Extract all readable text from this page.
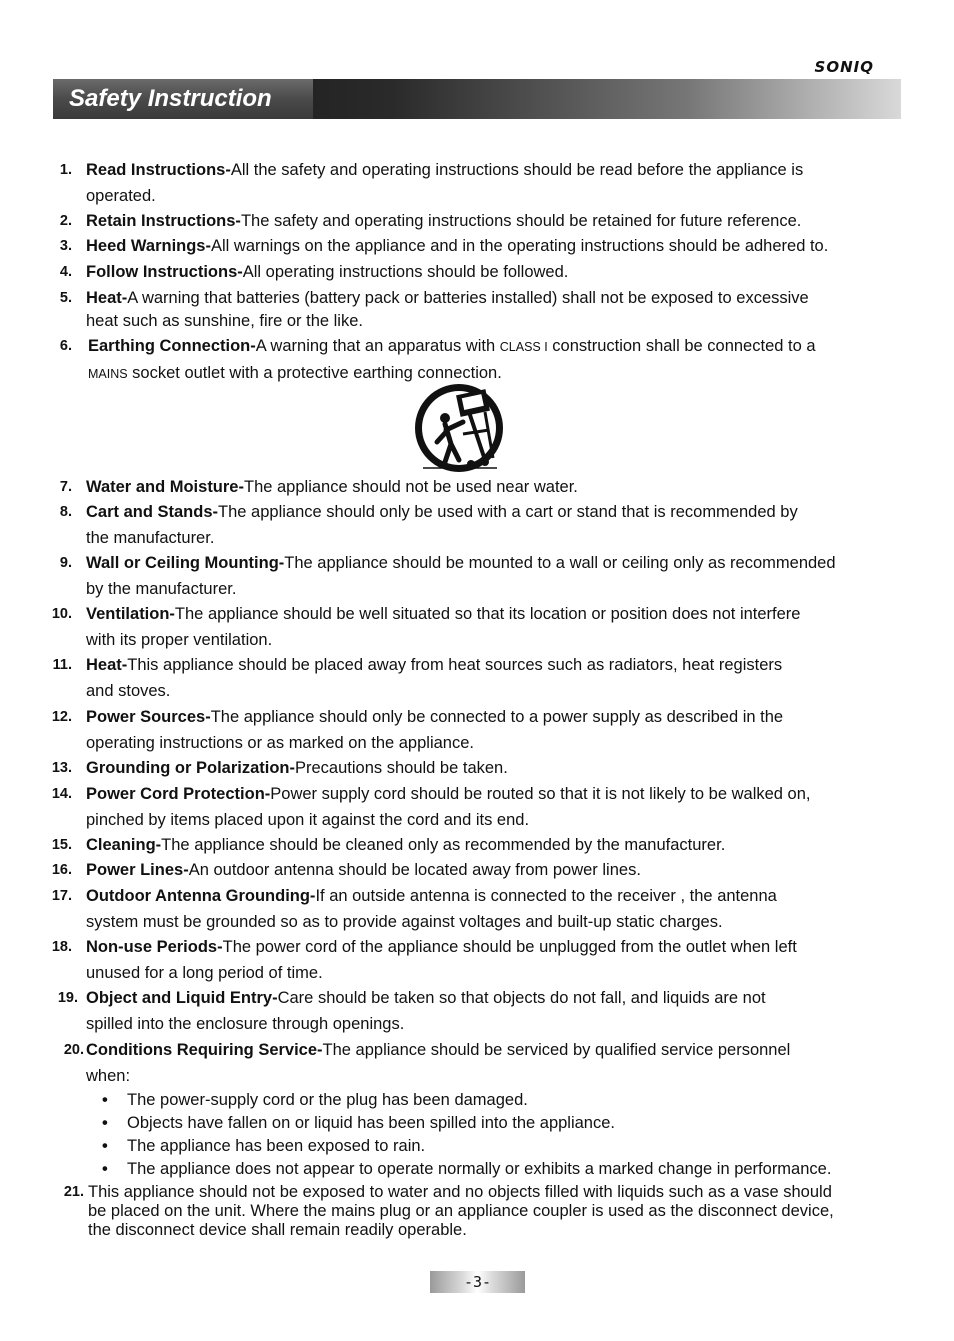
SONIQ
Safety Instruction
1. Read Instructions-All the safety and operating instructions should be read before the appliance is
operated.
2. Retain Instructions-The safety and operating instructions should be retained for future reference.
3. Heed Warnings-All warnings on the appliance and in the operating instructions should be adhered to.
4. Follow Instructions-All operating instructions should be followed.
5. Heat-A warning that batteries (battery pack or batteries installed) shall not be exposed to excessive
heat such as sunshine, fire or the like.
6. Earthing Connection-A warning that an apparatus with CLASS I construction shall be connected to a
MAINS socket outlet with a protective earthing connection.
7. Water and Moisture-The appliance should not be used near water.
8. Cart and Stands-The appliance should only be used with a cart or stand that is recommended by
the manufacturer.
9. Wall or Ceiling Mounting-The appliance should be mounted to a wall or ceiling only as recommended
by the manufacturer.
10. Ventilation-The appliance should be well situated so that its location or position does not interfere
with its proper ventilation.
11. Heat-This appliance should be placed away from heat sources such as radiators, heat registers
and stoves.
12. Power Sources-The appliance should only be connected to a power supply as described in the
operating instructions or as marked on the appliance.
13. Grounding or Polarization-Precautions should be taken.
14. Power Cord Protection-Power supply cord should be routed so that it is not likely to be walked on,
pinched by items placed upon it against the cord and its end.
15. Cleaning-The appliance should be cleaned only as recommended by the manufacturer.
16. Power Lines-An outdoor antenna should be located away from power lines.
17. Outdoor Antenna Grounding-If an outside antenna is connected to the receiver , the antenna
system must be grounded so as to provide against voltages and built-up static charges.
18. Non-use Periods-The power cord of the appliance should be unplugged from the outlet when left
unused for a long period of time.
19. Object and Liquid Entry-Care should be taken so that objects do not fall, and liquids are not
spilled into the enclosure through openings.
20. Conditions Requiring Service-The appliance should be serviced by qualified service personnel
when:
• The power-supply cord or the plug has been damaged.
• Objects have fallen on or liquid has been spilled into the appliance.
• The appliance has been exposed to rain.
• The appliance does not appear to operate normally or exhibits a marked change in performance.
21. This appliance should not be exposed to water and no objects filled with liquids such as a vase should
be placed on the unit. Where the mains plug or an appliance coupler is used as the disconnect device,
the disconnect device shall remain readily operable.
-3-
